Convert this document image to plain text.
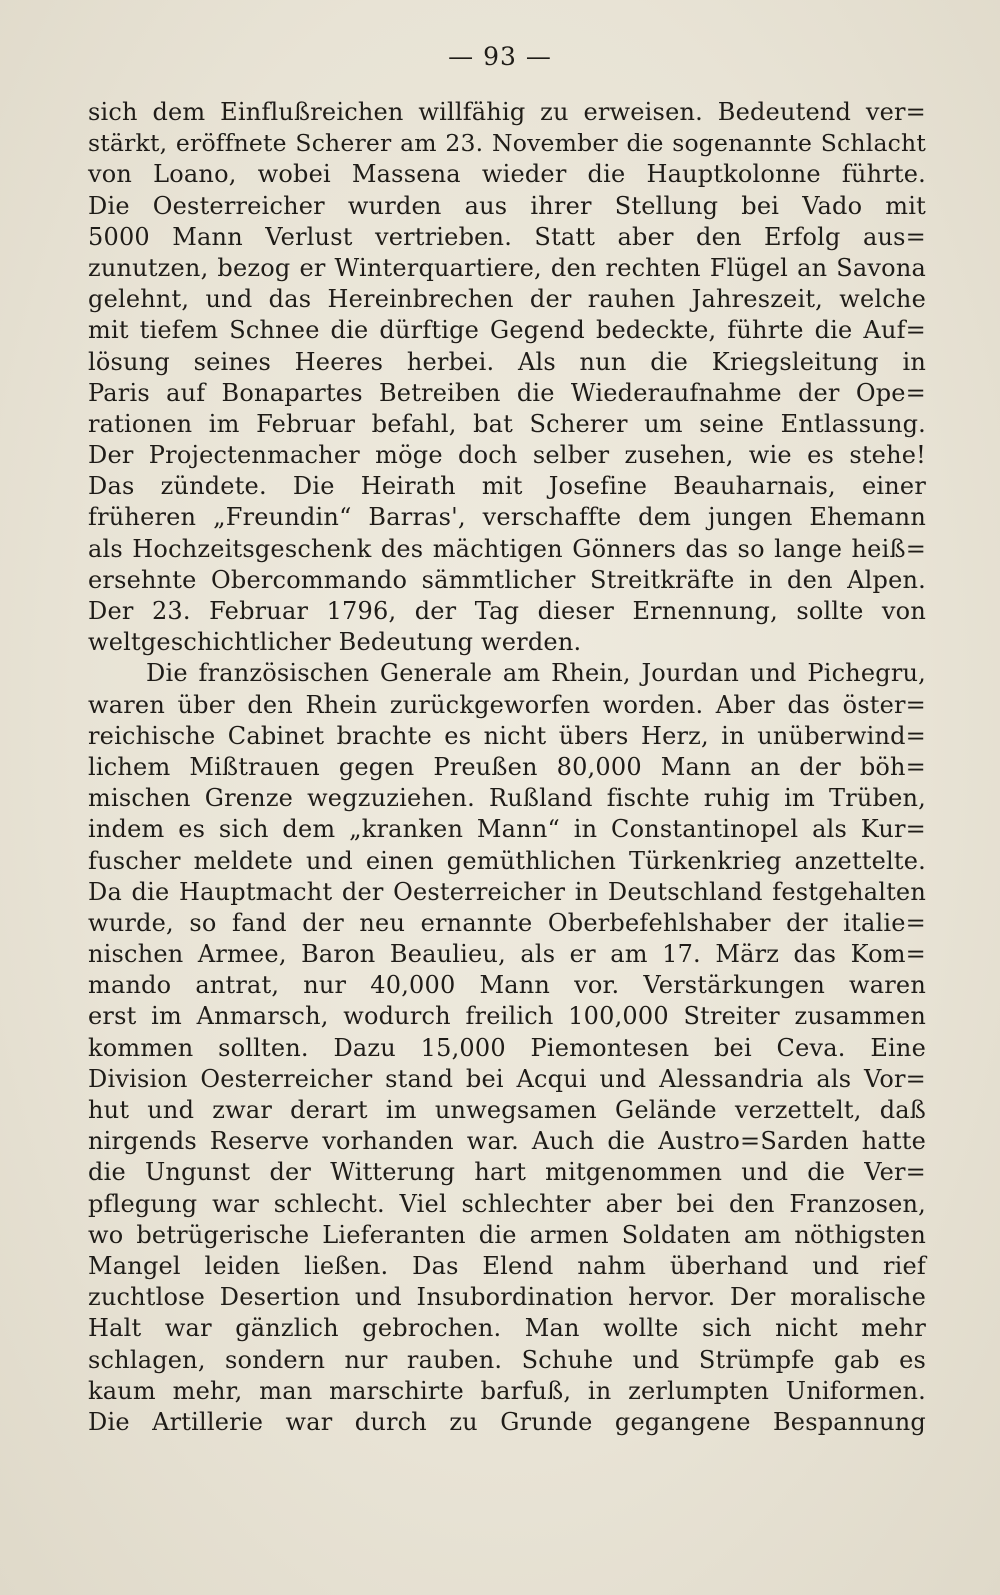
— 93 —
sich dem Einflußreichen willfähig zu erweisen. Bedeutend ver=
stärkt, eröffnete Scherer am 23. November die sogenannte Schlacht
von Loano, wobei Massena wieder die Hauptkolonne führte.
Die Oesterreicher wurden aus ihrer Stellung bei Vado mit
5000 Mann Verlust vertrieben. Statt aber den Erfolg aus=
zunutzen, bezog er Winterquartiere, den rechten Flügel an Savona
gelehnt, und das Hereinbrechen der rauhen Jahreszeit, welche
mit tiefem Schnee die dürftige Gegend bedeckte, führte die Auf=
lösung seines Heeres herbei. Als nun die Kriegsleitung in
Paris auf Bonapartes Betreiben die Wiederaufnahme der Ope=
rationen im Februar befahl, bat Scherer um seine Entlassung.
Der Projectenmacher möge doch selber zusehen, wie es stehe!
Das zündete. Die Heirath mit Josefine Beauharnais, einer
früheren „Freundin“ Barras', verschaffte dem jungen Ehemann
als Hochzeitsgeschenk des mächtigen Gönners das so lange heiß=
ersehnte Obercommando sämmtlicher Streitkräfte in den Alpen.
Der 23. Februar 1796, der Tag dieser Ernennung, sollte von
weltgeschichtlicher Bedeutung werden.
Die französischen Generale am Rhein, Jourdan und Pichegru,
waren über den Rhein zurückgeworfen worden. Aber das öster=
reichische Cabinet brachte es nicht übers Herz, in unüberwind=
lichem Mißtrauen gegen Preußen 80,000 Mann an der böh=
mischen Grenze wegzuziehen. Rußland fischte ruhig im Trüben,
indem es sich dem „kranken Mann“ in Constantinopel als Kur=
fuscher meldete und einen gemüthlichen Türkenkrieg anzettelte.
Da die Hauptmacht der Oesterreicher in Deutschland festgehalten
wurde, so fand der neu ernannte Oberbefehlshaber der italie=
nischen Armee, Baron Beaulieu, als er am 17. März das Kom=
mando antrat, nur 40,000 Mann vor. Verstärkungen waren
erst im Anmarsch, wodurch freilich 100,000 Streiter zusammen
kommen sollten. Dazu 15,000 Piemontesen bei Ceva. Eine
Division Oesterreicher stand bei Acqui und Alessandria als Vor=
hut und zwar derart im unwegsamen Gelände verzettelt, daß
nirgends Reserve vorhanden war. Auch die Austro=Sarden hatte
die Ungunst der Witterung hart mitgenommen und die Ver=
pflegung war schlecht. Viel schlechter aber bei den Franzosen,
wo betrügerische Lieferanten die armen Soldaten am nöthigsten
Mangel leiden ließen. Das Elend nahm überhand und rief
zuchtlose Desertion und Insubordination hervor. Der moralische
Halt war gänzlich gebrochen. Man wollte sich nicht mehr
schlagen, sondern nur rauben. Schuhe und Strümpfe gab es
kaum mehr, man marschirte barfuß, in zerlumpten Uniformen.
Die Artillerie war durch zu Grunde gegangene Bespannung
